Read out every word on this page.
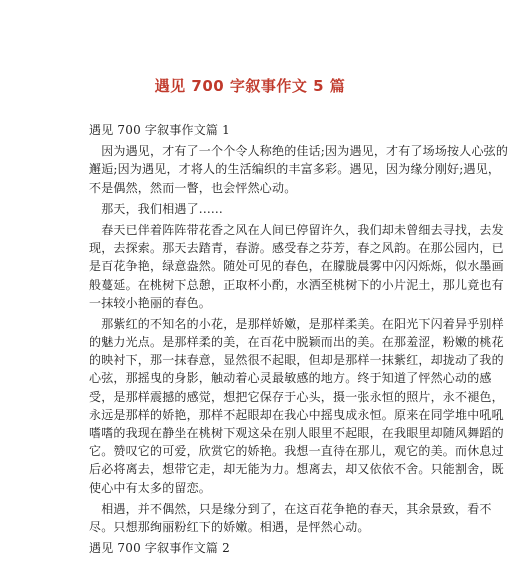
遇见 700 字叙事作文 5 篇
遇见 700 字叙事作文篇 1
　因为遇见，才有了一个个令人称绝的佳话;因为遇见，才有了场场按人心弦的
邂逅;因为遇见，才将人的生活编织的丰富多彩。遇见，因为缘分刚好;遇见，
不是偶然，然而一瞥，也会怦然心动。
　那天，我们相遇了......
　春天已伴着阵阵带花香之风在人间已停留许久，我们却未曾细去寻找，去发
现，去探索。那天去踏青，春游。感受春之芬芳，春之风韵。在那公园内，已
是百花争艳，绿意盎然。随处可见的春色，在朦胧晨雾中闪闪烁烁，似水墨画
般蔓延。在桃树下总憩，正取杯小酌，水洒至桃树下的小片泥土，那儿竟也有
一抹较小艳丽的春色。
　那紫红的不知名的小花，是那样娇嫩，是那样柔美。在阳光下闪着异乎别样
的魅力光点。是那样柔的美，在百花中脱颖而出的美。在那羞涩，粉嫩的桃花
的映衬下，那一抹春意，显然很不起眼，但却是那样一抹紫红，却拢动了我的
心弦，那摇曳的身影，触动着心灵最敏感的地方。终于知道了怦然心动的感
受，是那样震撼的感觉，想把它保存于心头，摄一张永恒的照片，永不褪色，
永远是那样的娇艳，那样不起眼却在我心中摇曳成永恒。原来在同学堆中吼吼
嗜嗜的我现在静坐在桃树下观这朵在别人眼里不起眼，在我眼里却随风舞蹈的
它。赞叹它的可爱，欣赏它的娇艳。我想一直待在那儿，观它的美。而休息过
后必将离去，想带它走，却无能为力。想离去，却又依依不舍。只能割舍，既
使心中有太多的留恋。
　相遇，并不偶然，只是缘分到了，在这百花争艳的春天，其余景致，看不
尽。只想那绚丽粉红下的娇嫩。相遇，是怦然心动。
遇见 700 字叙事作文篇 2
